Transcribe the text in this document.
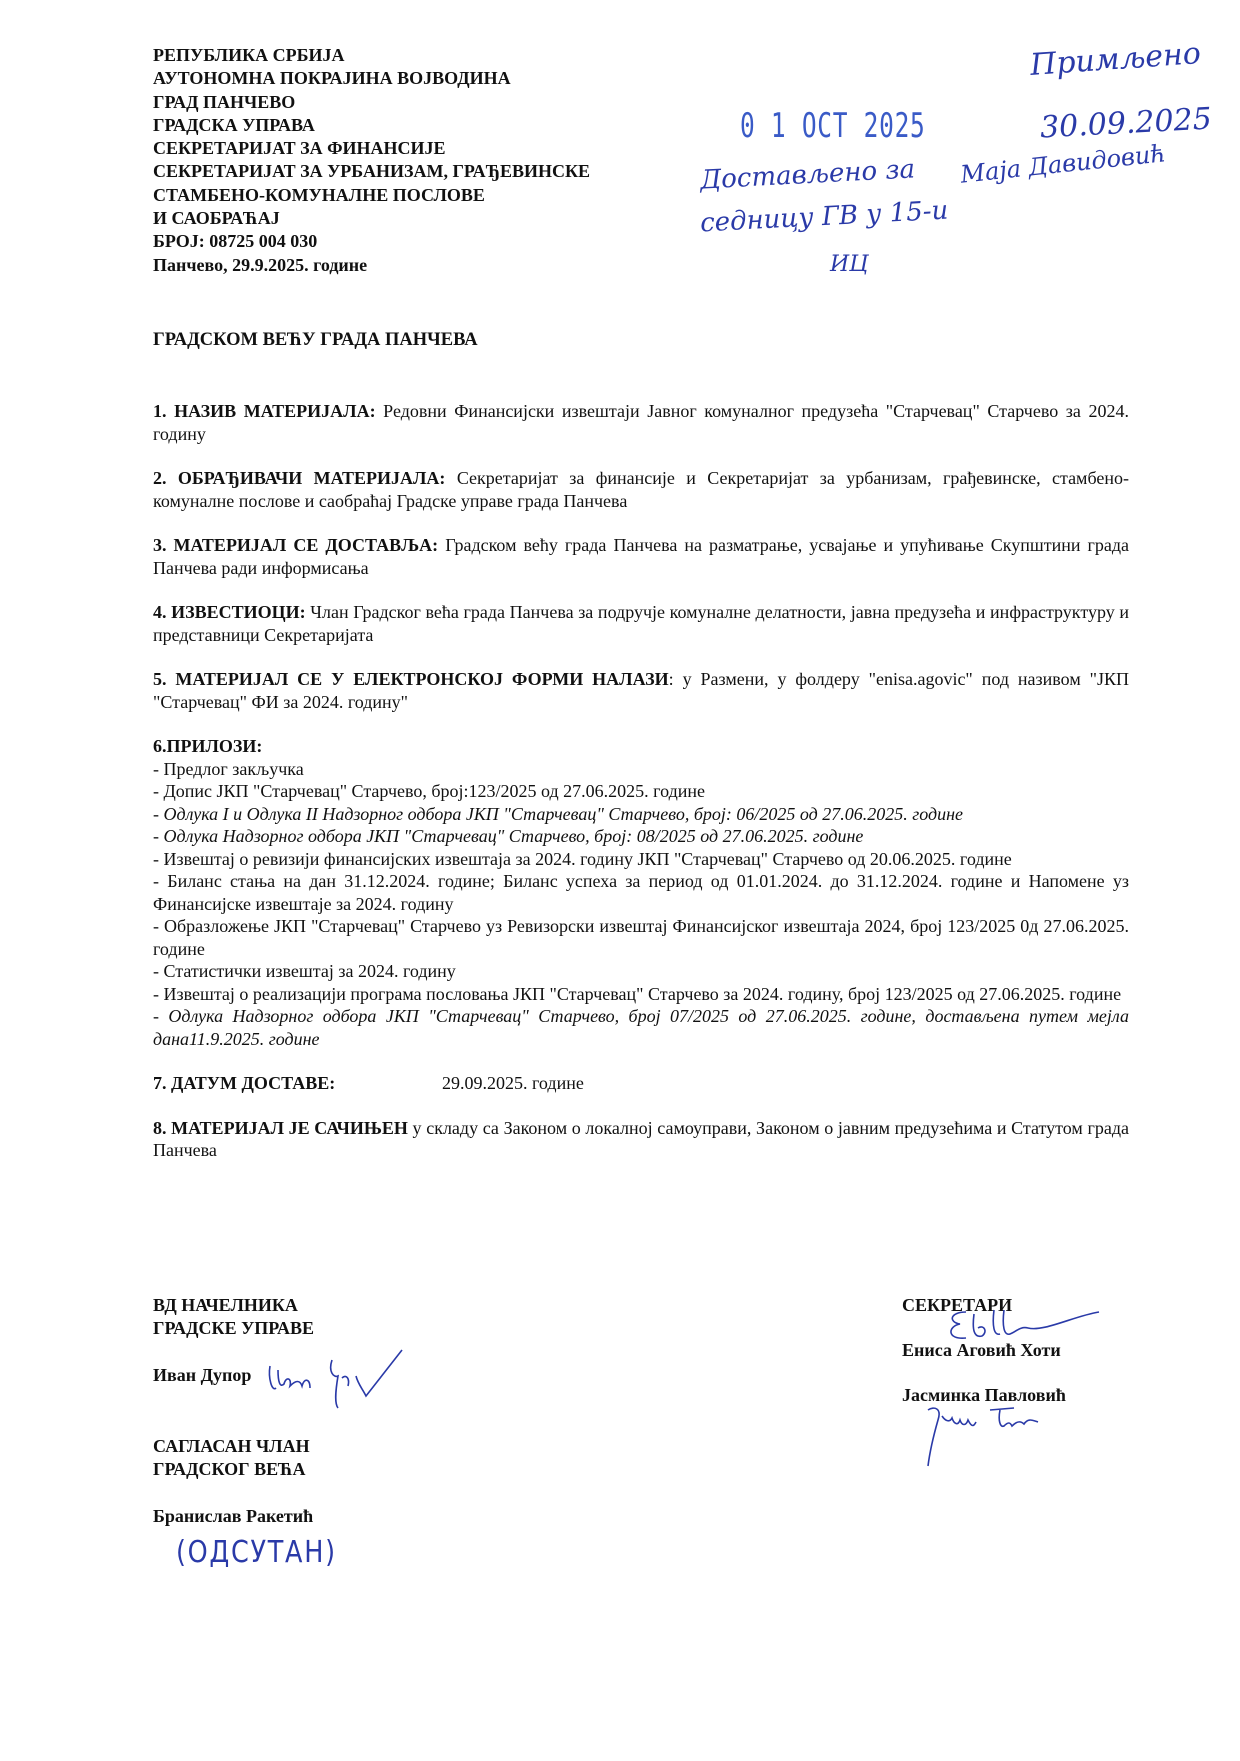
РЕПУБЛИКА СРБИЈА
АУТОНОМНА ПОКРАЈИНА ВОЈВОДИНА
ГРАД ПАНЧЕВО
ГРАДСКА УПРАВА
СЕКРЕТАРИЈАТ ЗА ФИНАНСИЈЕ
СЕКРЕТАРИЈАТ ЗА УРБАНИЗАМ, ГРАЂЕВИНСКЕ
СТАМБЕНО-КОМУНАЛНЕ ПОСЛОВЕ
И САОБРАЋАЈ
БРОЈ: 08725 004 030
Панчево, 29.9.2025. године
0 1 OCT 2025
Примљено
30.09.2025
Достављено за
седницу ГВ у 15-и
Маја Давидовић
ИЦ
ГРАДСКОМ ВЕЋУ ГРАДА ПАНЧЕВА
1. НАЗИВ МАТЕРИЈАЛА: Редовни Финансијски извештаји Јавног комуналног предузећа "Старчевац" Старчево за 2024. годину
2. ОБРАЂИВАЧИ МАТЕРИЈАЛА: Секретаријат за финансије и Секретаријат за урбанизам, грађевинске, стамбено-комуналне послове и саобраћај Градске управе града Панчева
3. МАТЕРИЈАЛ СЕ ДОСТАВЉА: Градском већу града Панчева на разматрање, усвајање и упућивање Скупштини града Панчева ради информисања
4. ИЗВЕСТИОЦИ: Члан Градског већа града Панчева за подручје комуналне делатности, јавна предузећа и инфраструктуру и представници Секретаријата
5. МАТЕРИЈАЛ СЕ У ЕЛЕКТРОНСКОЈ ФОРМИ НАЛАЗИ: у Размени, у фолдеру "enisa.agovic" под називом "ЈКП "Старчевац" ФИ за 2024. годину"
6.ПРИЛОЗИ:
- Предлог закључка
- Допис ЈКП "Старчевац" Старчево, број:123/2025 од 27.06.2025. године
- Одлука I и Одлука II Надзорног одбора ЈКП "Старчевац" Старчево, број: 06/2025 од 27.06.2025. године
- Одлука Надзорног одбора ЈКП "Старчевац" Старчево, број: 08/2025 од 27.06.2025. године
- Извештај о ревизији финансијских извештаја за 2024. годину ЈКП "Старчевац" Старчево од 20.06.2025. године
- Биланс стања на дан 31.12.2024. године; Биланс успеха за период од 01.01.2024. до 31.12.2024. године и Напомене уз Финансијске извештаје за 2024. годину
- Образложење ЈКП "Старчевац" Старчево уз Ревизорски извештај Финансијског извештаја 2024, број 123/2025 0д 27.06.2025. године
- Статистички извештај за 2024. годину
- Извештај о реализацији програма пословања ЈКП "Старчевац" Старчево за 2024. годину, број 123/2025 од 27.06.2025. године
- Одлука Надзорног одбора ЈКП "Старчевац" Старчево, број 07/2025 од 27.06.2025. године, достављена путем мејла дана11.9.2025. године
7. ДАТУМ ДОСТАВЕ:	29.09.2025. године
8. МАТЕРИЈАЛ ЈЕ САЧИЊЕН у складу са Законом о локалној самоуправи, Законом о јавним предузећима и Статутом града Панчева
ВД НАЧЕЛНИКА
ГРАДСКЕ УПРАВЕ
Иван Дупор
САГЛАСАН ЧЛАН
ГРАДСКОГ ВЕЋА
Бранислав Ракетић
(ОДСУТАН)
СЕКРЕТАРИ
Ениса Аговић Хоти
Јасминка Павловић
